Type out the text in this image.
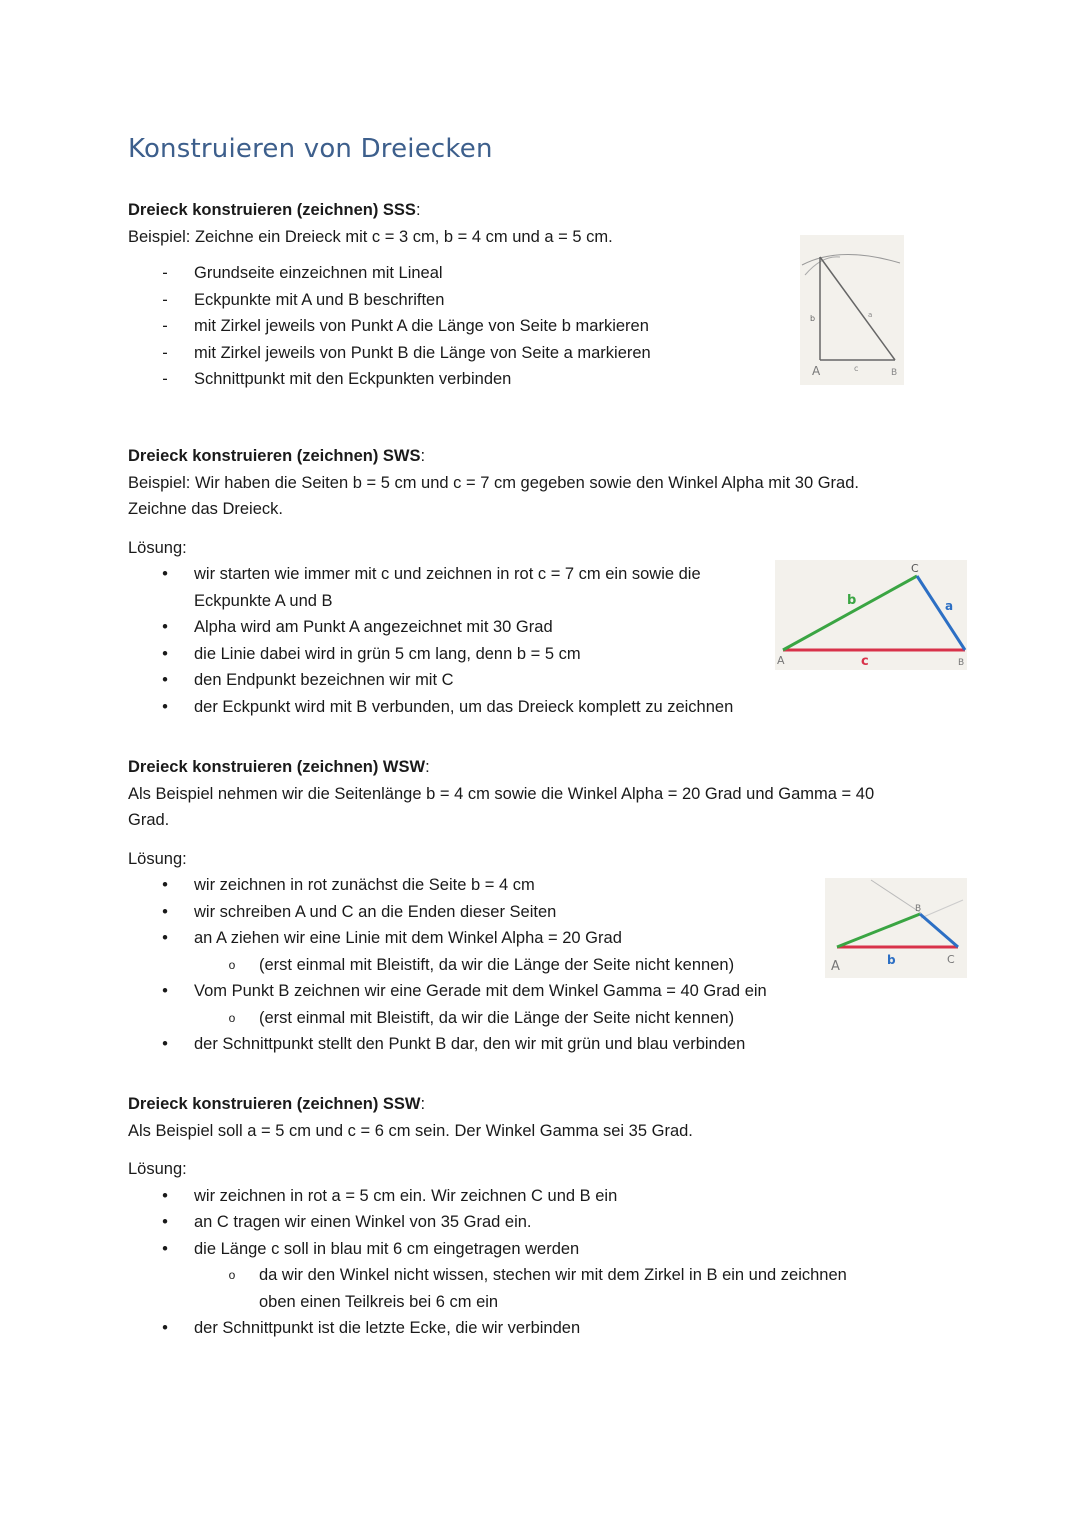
Konstruieren von Dreiecken
Dreieck konstruieren (zeichnen) SSS:

Beispiel: Zeichne ein Dreieck mit c = 3 cm, b = 4 cm und a = 5 cm.

- Grundseite einzeichnen mit Lineal
- Eckpunkte mit A und B beschriften
- mit Zirkel jeweils von Punkt A die Länge von Seite b markieren
- mit Zirkel jeweils von Punkt B die Länge von Seite a markieren
- Schnittpunkt mit den Eckpunkten verbinden
b	a
A	c	B
Dreieck konstruieren (zeichnen) SWS:

Beispiel: Wir haben die Seiten b = 5 cm und c = 7 cm gegeben sowie den Winkel Alpha mit 30 Grad.

Zeichne das Dreieck.

Lösung:

• wir starten wie immer mit c und zeichnen in rot c = 7 cm ein sowie die
Eckpunkte A und B
• Alpha wird am Punkt A angezeichnet mit 30 Grad
• die Linie dabei wird in grün 5 cm lang, denn b = 5 cm
• den Endpunkt bezeichnen wir mit C
• der Eckpunkt wird mit B verbunden, um das Dreieck komplett zu zeichnen
A	B
C
c
b	a
Dreieck konstruieren (zeichnen) WSW:

Als Beispiel nehmen wir die Seitenlänge b = 4 cm sowie die Winkel Alpha = 20 Grad und Gamma = 40

Grad.

Lösung:

• wir zeichnen in rot zunächst die Seite b = 4 cm
• wir schreiben A und C an die Enden dieser Seiten
• an A ziehen wir eine Linie mit dem Winkel Alpha = 20 Grad
o (erst einmal mit Bleistift, da wir die Länge der Seite nicht kennen)
• Vom Punkt B zeichnen wir eine Gerade mit dem Winkel Gamma = 40 Grad ein
o (erst einmal mit Bleistift, da wir die Länge der Seite nicht kennen)
• der Schnittpunkt stellt den Punkt B dar, den wir mit grün und blau verbinden
A
B
C
b
Dreieck konstruieren (zeichnen) SSW:

Als Beispiel soll a = 5 cm und c = 6 cm sein. Der Winkel Gamma sei 35 Grad.

Lösung:

• wir zeichnen in rot a = 5 cm ein. Wir zeichnen C und B ein
• an C tragen wir einen Winkel von 35 Grad ein.
• die Länge c soll in blau mit 6 cm eingetragen werden
o da wir den Winkel nicht wissen, stechen wir mit dem Zirkel in B ein und zeichnen
oben einen Teilkreis bei 6 cm ein
• der Schnittpunkt ist die letzte Ecke, die wir verbinden
